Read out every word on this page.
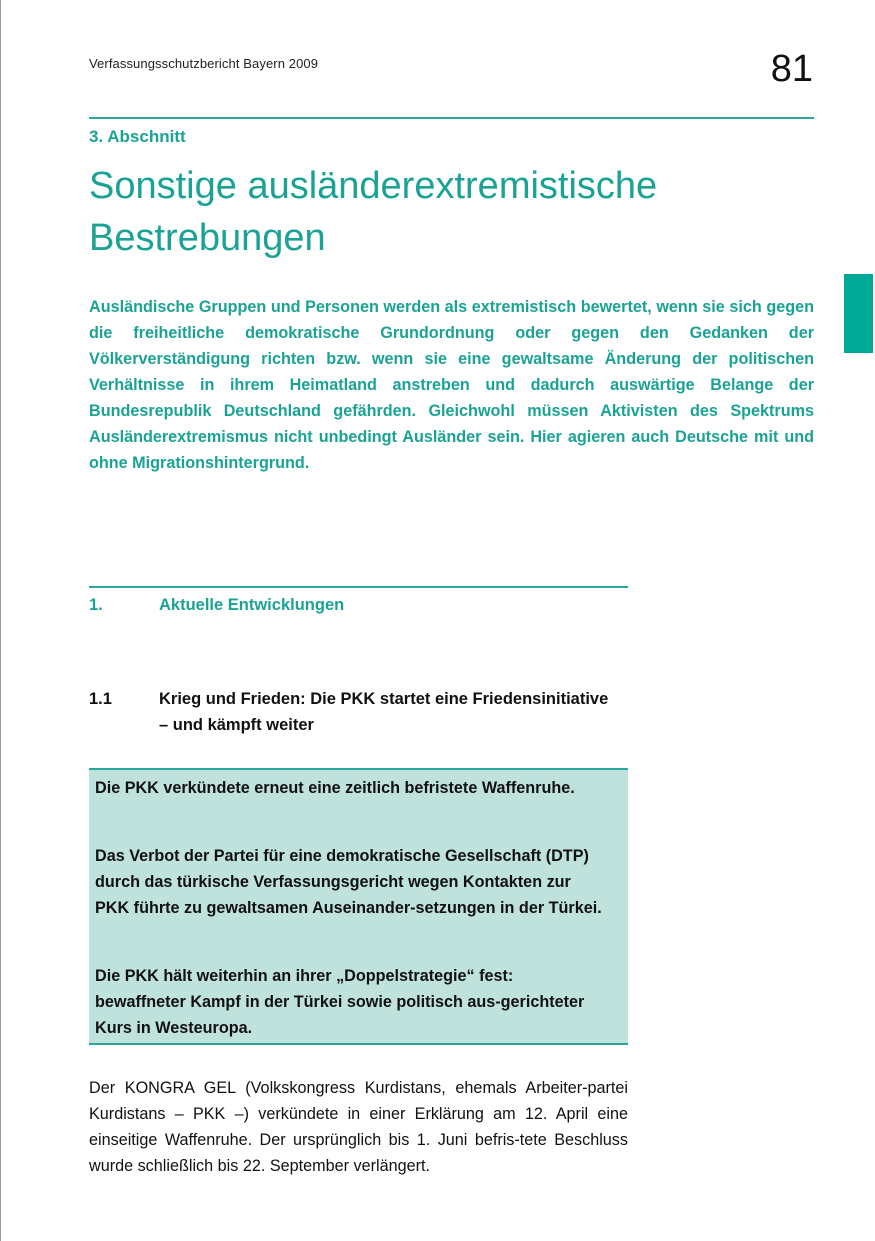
Verfassungsschutzbericht Bayern 2009	81
3. Abschnitt
Sonstige ausländerextremistische Bestrebungen

Ausländische Gruppen und Personen werden als extremistisch bewertet, wenn sie sich gegen die freiheitliche demokratische Grundordnung oder gegen den Gedanken der Völkerverständigung richten bzw. wenn sie eine gewaltsame Änderung der politischen Verhältnisse in ihrem Heimatland anstreben und dadurch auswärtige Belange der Bundesrepublik Deutschland gefährden. Gleichwohl müssen Aktivisten des Spektrums Ausländerextremismus nicht unbedingt Ausländer sein. Hier agieren auch Deutsche mit und ohne Migrationshintergrund.

1.	Aktuelle Entwicklungen
1.1	Krieg und Frieden: Die PKK startet eine Friedensinitiative – und kämpft weiter

Die PKK verkündete erneut eine zeitlich befristete Waffenruhe.

Das Verbot der Partei für eine demokratische Gesellschaft (DTP) durch das türkische Verfassungsgericht wegen Kontakten zur PKK führte zu gewaltsamen Auseinander-setzungen in der Türkei.

Die PKK hält weiterhin an ihrer „Doppelstrategie“ fest: bewaffneter Kampf in der Türkei sowie politisch aus-gerichteter Kurs in Westeuropa.

Der KONGRA GEL (Volkskongress Kurdistans, ehemals Arbeiter-partei Kurdistans – PKK –) verkündete in einer Erklärung am 12. April eine einseitige Waffenruhe. Der ursprünglich bis 1. Juni befris-tete Beschluss wurde schließlich bis 22. September verlängert.
